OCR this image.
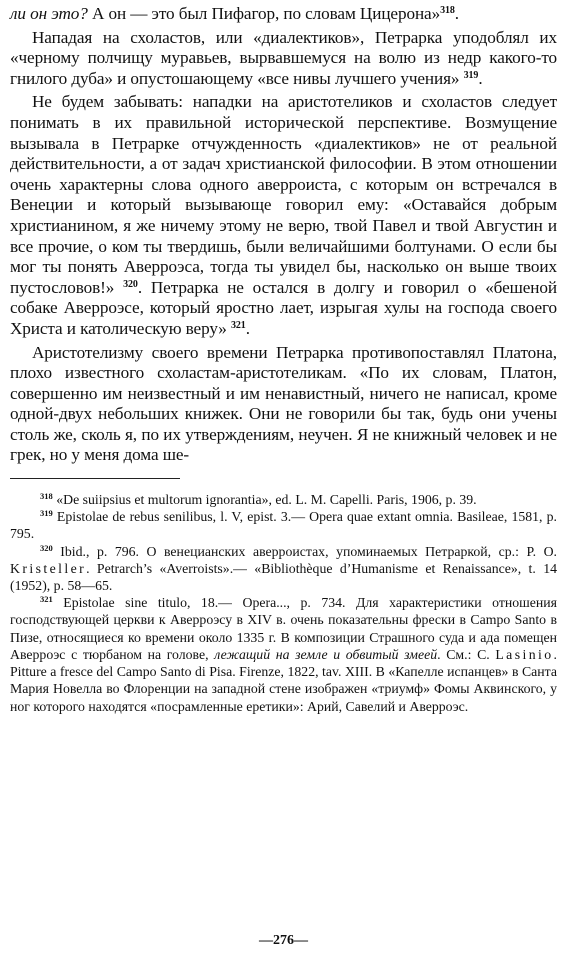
ли он это? А он — это был Пифагор, по словам Цицерона»$^{318}$.

Нападая на схоластов, или «диалектиков», Петрарка уподоблял их «черному полчищу муравьев, вырвавшемуся на волю из недр какого-то гнилого дуба» и опустошающему «все нивы лучшего учения» $^{319}$.

Не будем забывать: нападки на аристотеликов и схоластов следует понимать в их правильной исторической перспективе. Возмущение вызывала в Петрарке отчужденность «диалектиков» не от реальной действительности, а от задач христианской философии. В этом отношении очень характерны слова одного аверроиста, с которым он встречался в Венеции и который вызывающе говорил ему: «Оставайся добрым христианином, я же ничему этому не верю, твой Павел и твой Августин и все прочие, о ком ты твердишь, были величайшими болтунами. О если бы мог ты понять Аверроэса, тогда ты увидел бы, насколько он выше твоих пустословов!» $^{320}$. Петрарка не остался в долгу и говорил о «бешеной собаке Аверроэсе, который яростно лает, изрыгая хулы на господа своего Христа и католическую веру» $^{321}$.

Аристотелизму своего времени Петрарка противопоставлял Платона, плохо известного схоластам-аристотеликам. «По их словам, Платон, совершенно им неизвестный и им ненавистный, ничего не написал, кроме одной-двух небольших книжек. Они не говорили бы так, будь они учены столь же, сколь я, по их утверждениям, неучен. Я не книжный человек и не грек, но у меня дома ше-

$^{318}$ «De suiipsius et multorum ignorantia», ed. L. M. Capelli. Paris, 1906, p. 39.

$^{319}$ Epistolae de rebus senilibus, l. V, epist. 3.— Opera quae extant omnia. Basileae, 1581, p. 795.

$^{320}$ Ibid., p. 796. О венецианских аверроистах, упоминаемых Петраркой, ср.: P. O. Kristeller. Petrarch’s «Averroists».— «Bibliothèque d’Humanisme et Renaissance», t. 14 (1952), p. 58—65.

$^{321}$ Epistolae sine titulo, 18.— Opera..., p. 734. Для характеристики отношения господствующей церкви к Аверроэсу в XIV в. очень показательны фрески в Campo Santo в Пизе, относящиеся ко времени около 1335 г. В композиции Страшного суда и ада помещен Аверроэс с тюрбаном на голове, лежащий на земле и обвитый змеей. См.: C. Lasinio. Pitture a fresce del Campo Santo di Pisa. Firenze, 1822, tav. XIII. В «Капелле испанцев» в Санта Мария Новелла во Флоренции на западной стене изображен «триумф» Фомы Аквинского, у ног которого находятся «посрамленные еретики»: Арий, Савелий и Аверроэс.

—276—
